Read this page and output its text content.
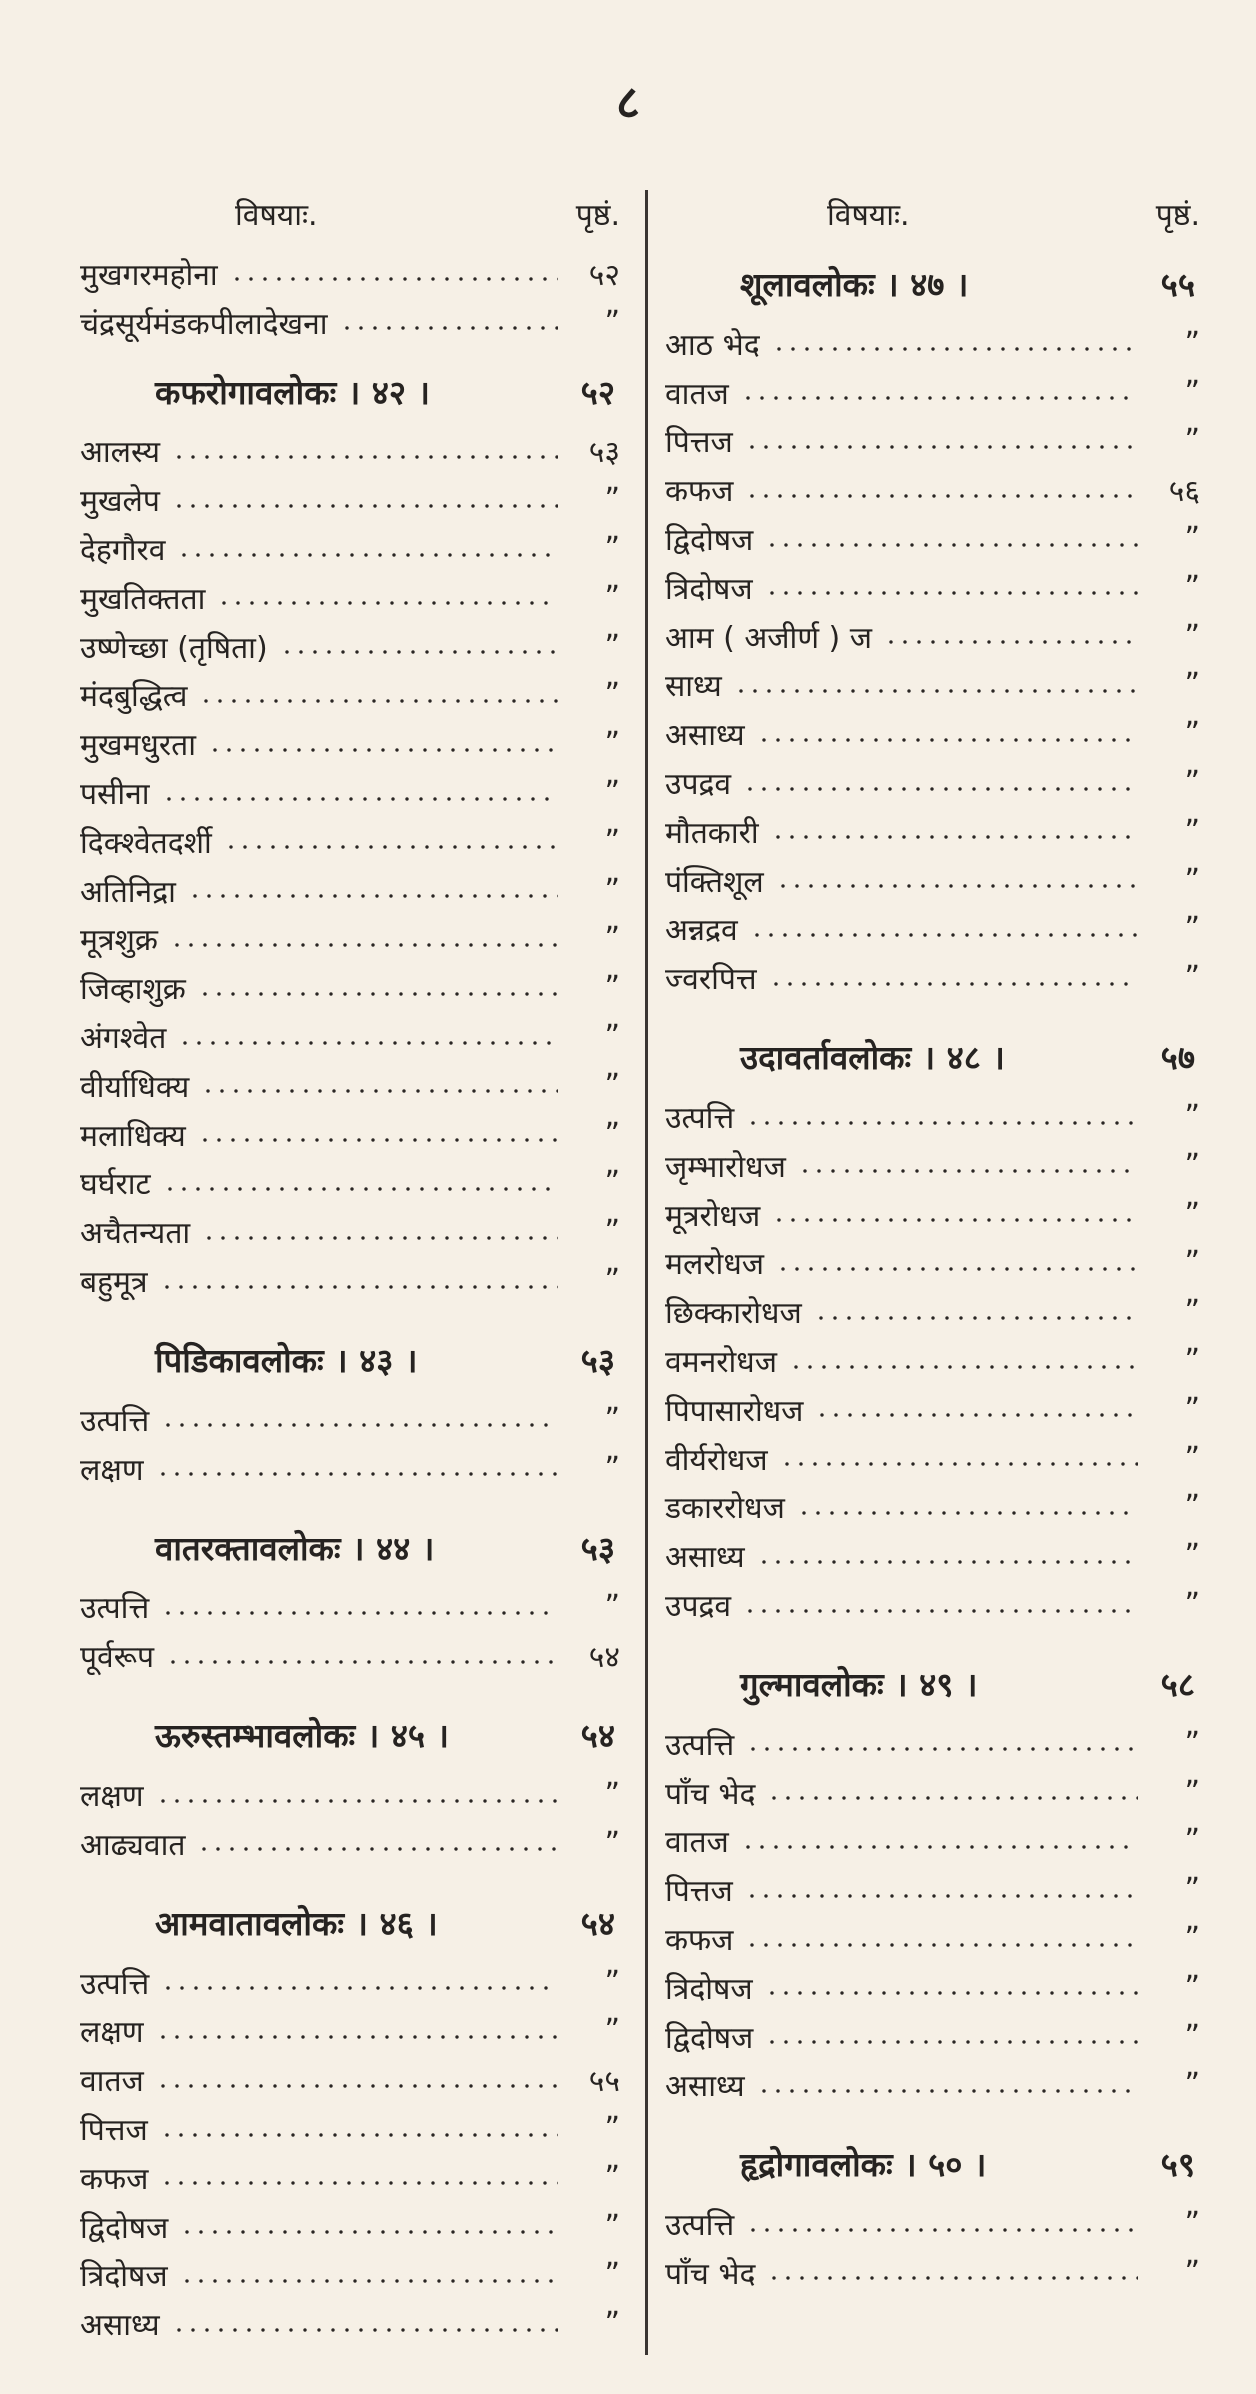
८
विषयाः.	पृष्ठं.
मुखगरमहोना	५२
चंद्रसूर्यमंडकपीलादेखना	”
कफरोगावलोकः । ४२ ।	५२
आलस्य	५३
मुखलेप	”
देहगौरव	”
मुखतिक्तता	”
उष्णेच्छा (तृषिता)	”
मंदबुद्धित्व	”
मुखमधुरता	”
पसीना	”
दिक्श्वेतदर्शी	”
अतिनिद्रा	”
मूत्रशुक्र	”
जिव्हाशुक्र	”
अंगश्वेत	”
वीर्याधिक्य	”
मलाधिक्य	”
घर्घराट	”
अचैतन्यता	”
बहुमूत्र	”
पिडिकावलोकः । ४३ ।	५३
उत्पत्ति	”
लक्षण	”
वातरक्तावलोकः । ४४ ।	५३
उत्पत्ति	”
पूर्वरूप	५४
ऊरुस्तम्भावलोकः । ४५ ।	५४
लक्षण	”
आढ्यवात	”
आमवातावलोकः । ४६ ।	५४
उत्पत्ति	”
लक्षण	”
वातज	५५
पित्तज	”
कफज	”
द्विदोषज	”
त्रिदोषज	”
असाध्य	”
विषयाः.	पृष्ठं.
शूलावलोकः । ४७ ।	५५
आठ भेद	”
वातज	”
पित्तज	”
कफज	५६
द्विदोषज	”
त्रिदोषज	”
आम ( अजीर्ण ) ज	”
साध्य	”
असाध्य	”
उपद्रव	”
मौतकारी	”
पंक्तिशूल	”
अन्नद्रव	”
ज्वरपित्त	”
उदावर्तावलोकः । ४८ ।	५७
उत्पत्ति	”
जृम्भारोधज	”
मूत्ररोधज	”
मलरोधज	”
छिक्कारोधज	”
वमनरोधज	”
पिपासारोधज	”
वीर्यरोधज	”
डकाररोधज	”
असाध्य	”
उपद्रव	”
गुल्मावलोकः । ४९ ।	५८
उत्पत्ति	”
पाँच भेद	”
वातज	”
पित्तज	”
कफज	”
त्रिदोषज	”
द्विदोषज	”
असाध्य	”
हृद्रोगावलोकः । ५० ।	५९
उत्पत्ति	”
पाँच भेद	”
